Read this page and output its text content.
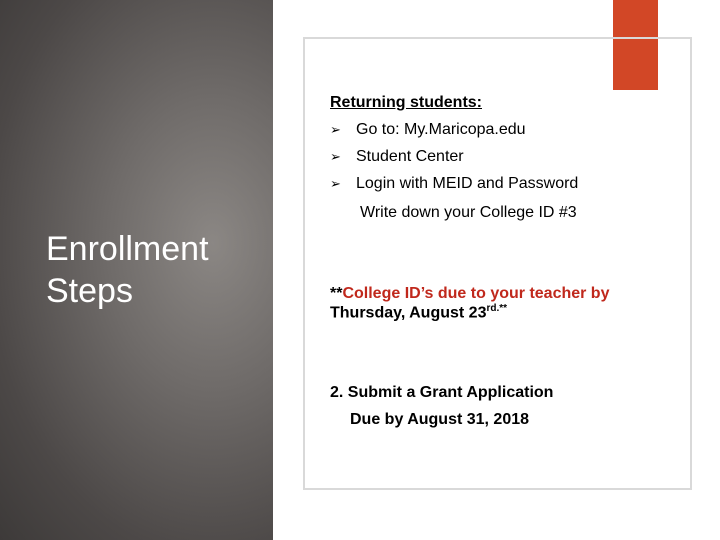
Enrollment
Steps
Returning students:
➢ Go to: My.Maricopa.edu
➢ Student Center
➢ Login with MEID and Password
Write down your College ID #3
**College ID’s due to your teacher by
Thursday, August $23^{rd.**}$
2. Submit a Grant Application
Due by August 31, 2018
